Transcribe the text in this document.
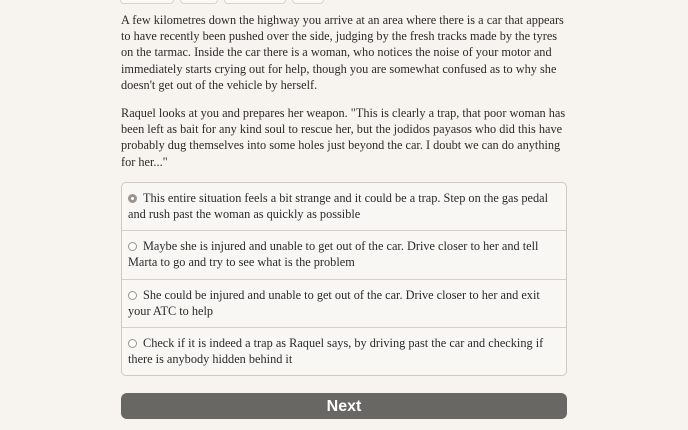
A few kilometres down the highway you arrive at an area where there is a car that appears to have recently been pushed over the side, judging by the fresh tracks made by the tyres on the tarmac. Inside the car there is a woman, who notices the noise of your motor and immediately starts crying out for help, though you are somewhat confused as to why she doesn't get out of the vehicle by herself.

Raquel looks at you and prepares her weapon. "This is clearly a trap, that poor woman has been left as bait for any kind soul to rescue her, but the jodidos payasos who did this have probably dug themselves into some holes just beyond the car. I doubt we can do anything for her..."

This entire situation feels a bit strange and it could be a trap. Step on the gas pedal and rush past the woman as quickly as possible
Maybe she is injured and unable to get out of the car. Drive closer to her and tell Marta to go and try to see what is the problem
She could be injured and unable to get out of the car. Drive closer to her and exit your ATC to help
Check if it is indeed a trap as Raquel says, by driving past the car and checking if there is anybody hidden behind it
Next
